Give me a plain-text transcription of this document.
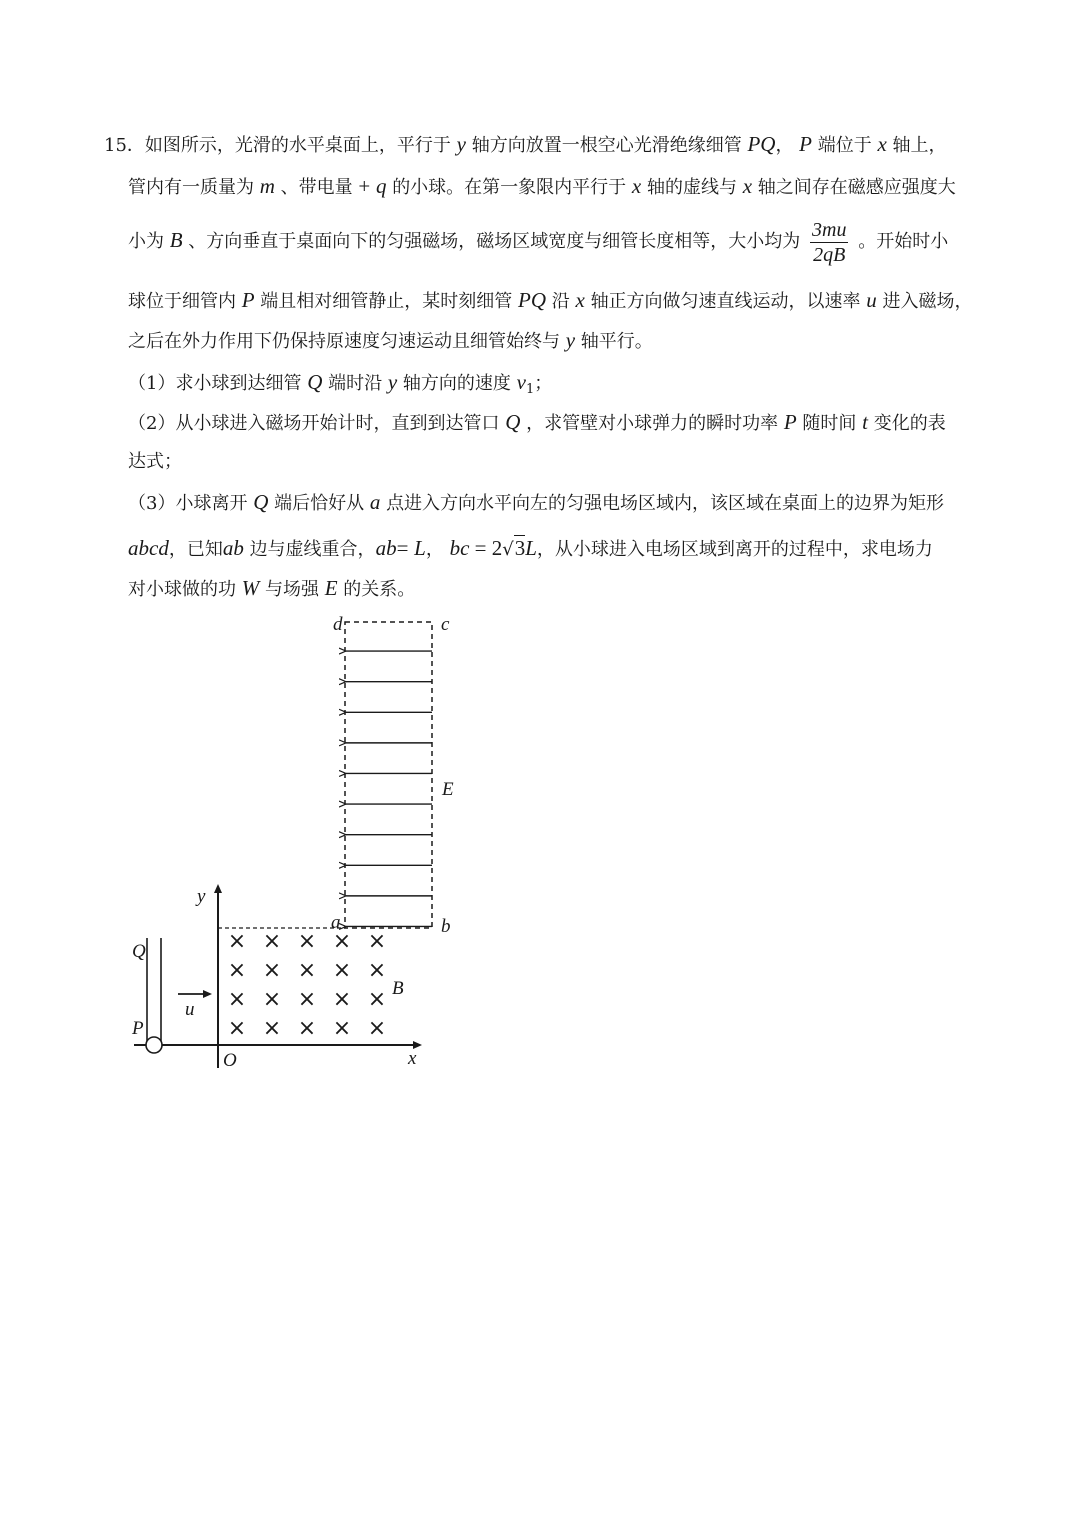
15．如图所示，光滑的水平桌面上，平行于 y 轴方向放置一根空心光滑绝缘细管 PQ， P 端位于 x 轴上，
管内有一质量为 m 、带电量 + q 的小球。在第一象限内平行于 x 轴的虚线与 x 轴之间存在磁感应强度大
小为 B 、方向垂直于桌面向下的匀强磁场，磁场区域宽度与细管长度相等，大小均为 $\frac{3mu}{2qB}$ 。开始时小
球位于细管内 P 端且相对细管静止，某时刻细管 PQ 沿 x 轴正方向做匀速直线运动，以速率 u 进入磁场，
之后在外力作用下仍保持原速度匀速运动且细管始终与 y 轴平行。
（1）求小球到达细管 Q 端时沿 y 轴方向的速度 $v_1$；
（2）从小球进入磁场开始计时，直到到达管口 Q ，求管壁对小球弹力的瞬时功率 P 随时间 t 变化的表
达式；
（3）小球离开 Q 端后恰好从 a 点进入方向水平向左的匀强电场区域内，该区域在桌面上的边界为矩形
abcd，已知ab 边与虚线重合，ab= L， bc = 2√3L，从小球进入电场区域到离开的过程中，求电场力
对小球做的功 W 与场强 E 的关系。
× × × × ×
× × × × ×
× × × × ×
× × × × ×
d	c
E
a	b
y
Q
u
P
B
O	x
